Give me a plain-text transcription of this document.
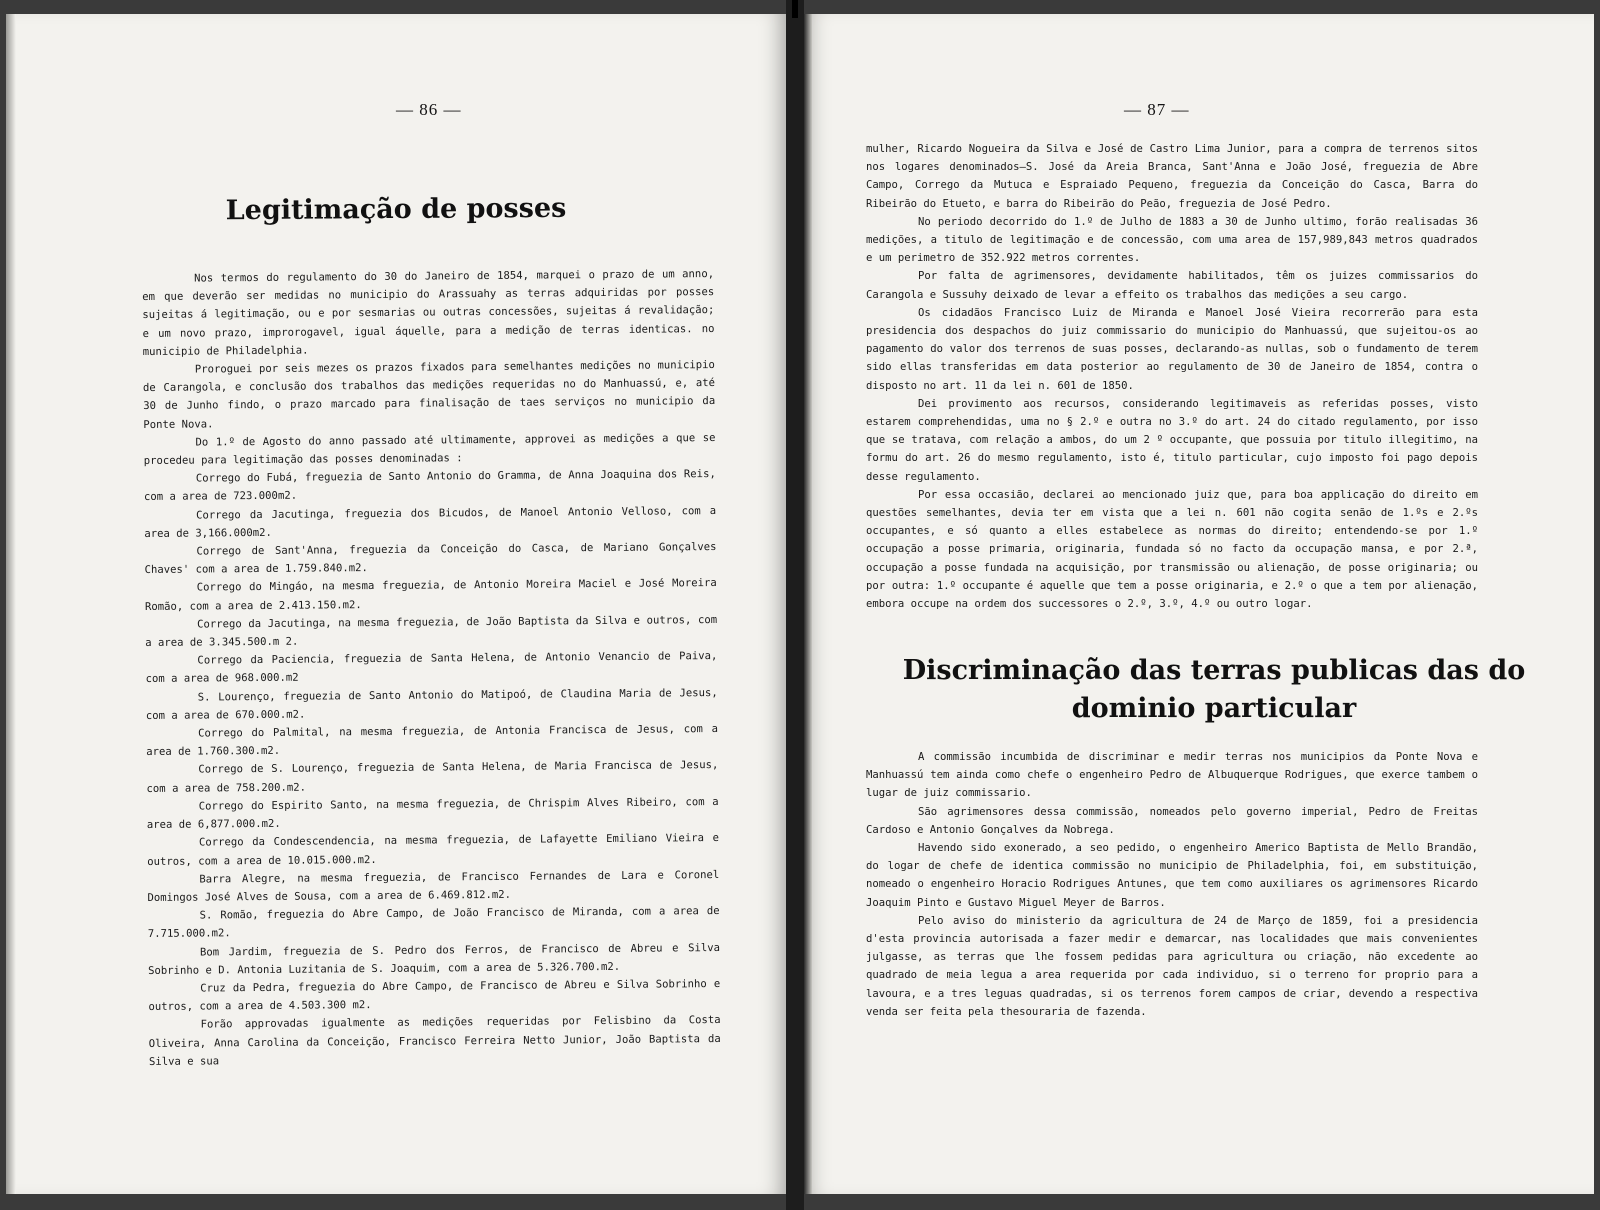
— 86 —
Legitimação de posses

Nos termos do regulamento do 30 do Janeiro de 1854, marquei o prazo de um anno, em que deverão ser medidas no municipio do Arassuahy as terras adquiridas por posses sujeitas á legitimação, ou e por sesmarias ou outras concessões, sujeitas á revalidação; e um novo prazo, improrogavel, igual áquelle, para a medição de terras identicas. no municipio de Philadelphia.

Proroguei por seis mezes os prazos fixados para semelhantes medições no municipio de Carangola, e conclusão dos trabalhos das medições requeridas no do Manhuassú, e, até 30 de Junho findo, o prazo marcado para finalisação de taes serviços no municipio da Ponte Nova.

Do 1.º de Agosto do anno passado até ultimamente, approvei as medições a que se procedeu para legitimação das posses denominadas :

Corrego do Fubá, freguezia de Santo Antonio do Gramma, de Anna Joaquina dos Reis, com a area de 723.000m2.

Corrego da Jacutinga, freguezia dos Bicudos, de Manoel Antonio Velloso, com a area de 3,166.000m2.

Corrego de Sant'Anna, freguezia da Conceição do Casca, de Mariano Gonçalves Chaves' com a area de 1.759.840.m2.

Corrego do Mingáo, na mesma freguezia, de Antonio Moreira Maciel e José Moreira Romão, com a area de 2.413.150.m2.

Corrego da Jacutinga, na mesma freguezia, de João Baptista da Silva e outros, com a area de 3.345.500.m 2.

Corrego da Paciencia, freguezia de Santa Helena, de Antonio Venancio de Paiva, com a area de 968.000.m2

S. Lourenço, freguezia de Santo Antonio do Matipoó, de Claudina Maria de Jesus, com a area de 670.000.m2.

Corrego do Palmital, na mesma freguezia, de Antonia Francisca de Jesus, com a area de 1.760.300.m2.

Corrego de S. Lourenço, freguezia de Santa Helena, de Maria Francisca de Jesus, com a area de 758.200.m2.

Corrego do Espirito Santo, na mesma freguezia, de Chrispim Alves Ribeiro, com a area de 6,877.000.m2.

Corrego da Condescendencia, na mesma freguezia, de Lafayette Emiliano Vieira e outros, com a area de 10.015.000.m2.

Barra Alegre, na mesma freguezia, de Francisco Fernandes de Lara e Coronel Domingos José Alves de Sousa, com a area de 6.469.812.m2.

S. Romão, freguezia do Abre Campo, de João Francisco de Miranda, com a area de 7.715.000.m2.

Bom Jardim, freguezia de S. Pedro dos Ferros, de Francisco de Abreu e Silva Sobrinho e D. Antonia Luzitania de S. Joaquim, com a area de 5.326.700.m2.

Cruz da Pedra, freguezia do Abre Campo, de Francisco de Abreu e Silva Sobrinho e outros, com a area de 4.503.300 m2.

Forão approvadas igualmente as medições requeridas por Felisbino da Costa Oliveira, Anna Carolina da Conceição, Francisco Ferreira Netto Junior, João Baptista da Silva e sua

— 87 —

mulher, Ricardo Nogueira da Silva e José de Castro Lima Junior, para a compra de terrenos sitos nos logares denominados—S. José da Areia Branca, Sant'Anna e João José, freguezia de Abre Campo, Corrego da Mutuca e Espraiado Pequeno, freguezia da Conceição do Casca, Barra do Ribeirão do Etueto, e barra do Ribeirão do Peão, freguezia de José Pedro.

No periodo decorrido do 1.º de Julho de 1883 a 30 de Junho ultimo, forão realisadas 36 medições, a titulo de legitimação e de concessão, com uma area de 157,989,843 metros quadrados e um perimetro de 352.922 metros correntes.

Por falta de agrimensores, devidamente habilitados, têm os juizes commissarios do Carangola e Sussuhy deixado de levar a effeito os trabalhos das medições a seu cargo.

Os cidadãos Francisco Luiz de Miranda e Manoel José Vieira recorrerão para esta presidencia dos despachos do juiz commissario do municipio do Manhuassú, que sujeitou-os ao pagamento do valor dos terrenos de suas posses, declarando-as nullas, sob o fundamento de terem sido ellas transferidas em data posterior ao regulamento de 30 de Janeiro de 1854, contra o disposto no art. 11 da lei n. 601 de 1850.

Dei provimento aos recursos, considerando legitimaveis as referidas posses, visto estarem comprehendidas, uma no § 2.º e outra no 3.º do art. 24 do citado regulamento, por isso que se tratava, com relação a ambos, do um 2 º occupante, que possuia por titulo illegitimo, na formu do art. 26 do mesmo regulamento, isto é, titulo particular, cujo imposto foi pago depois desse regulamento.

Por essa occasião, declarei ao mencionado juiz que, para boa applicação do direito em questões semelhantes, devia ter em vista que a lei n. 601 não cogita senão de 1.ºs e 2.ºs occupantes, e só quanto a elles estabelece as normas do direito; entendendo-se por 1.º occupação a posse primaria, originaria, fundada só no facto da occupação mansa, e por 2.ª, occupação a posse fundada na acquisição, por transmissão ou alienação, de posse originaria; ou por outra: 1.º occupante é aquelle que tem a posse originaria, e 2.º o que a tem por alienação, embora occupe na ordem dos successores o 2.º, 3.º, 4.º ou outro logar.

Discriminação das terras publicas das do dominio particular

A commissão incumbida de discriminar e medir terras nos municipios da Ponte Nova e Manhuassú tem ainda como chefe o engenheiro Pedro de Albuquerque Rodrigues, que exerce tambem o lugar de juiz commissario.

São agrimensores dessa commissão, nomeados pelo governo imperial, Pedro de Freitas Cardoso e Antonio Gonçalves da Nobrega.

Havendo sido exonerado, a seo pedido, o engenheiro Americo Baptista de Mello Brandão, do logar de chefe de identica commissão no municipio de Philadelphia, foi, em substituição, nomeado o engenheiro Horacio Rodrigues Antunes, que tem como auxiliares os agrimensores Ricardo Joaquim Pinto e Gustavo Miguel Meyer de Barros.

Pelo aviso do ministerio da agricultura de 24 de Março de 1859, foi a presidencia d'esta provincia autorisada a fazer medir e demarcar, nas localidades que mais convenientes julgasse, as terras que lhe fossem pedidas para agricultura ou criação, não excedente ao quadrado de meia legua a area requerida por cada individuo, si o terreno for proprio para a lavoura, e a tres leguas quadradas, si os terrenos forem campos de criar, devendo a respectiva venda ser feita pela thesouraria de fazenda.
